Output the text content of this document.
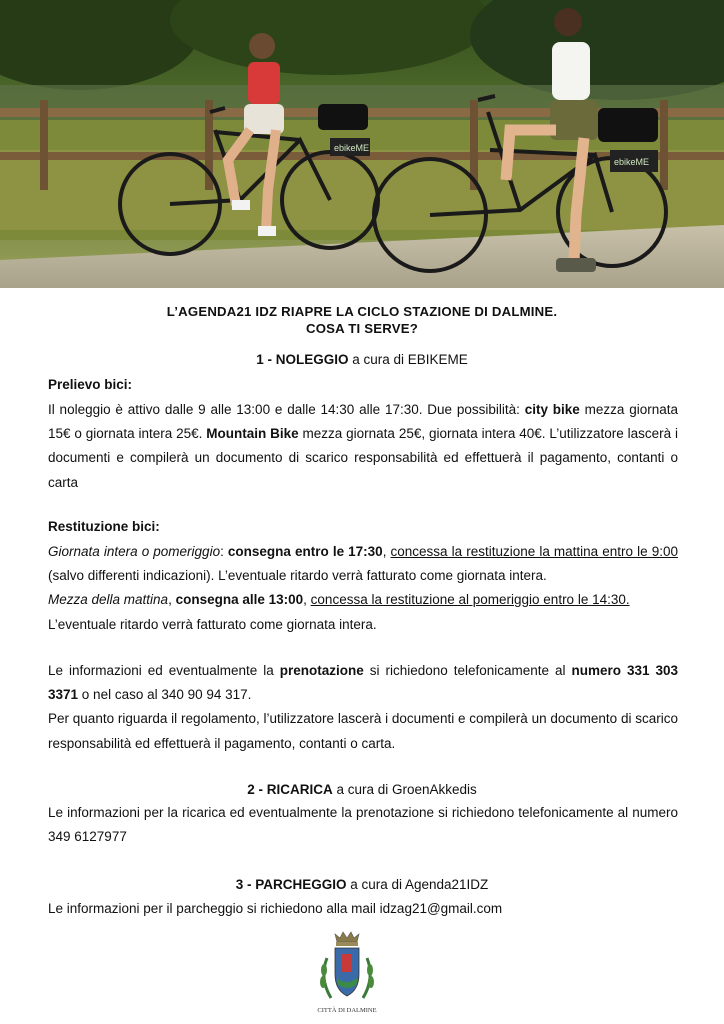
ebikeME
ebikeME
L’AGENDA21 IDZ RIAPRE LA CICLO STAZIONE DI DALMINE.
COSA TI SERVE?
1 - NOLEGGIO a cura di EBIKEME
Prelievo bici:
Il noleggio è attivo dalle 9 alle 13:00 e dalle 14:30 alle 17:30. Due possibilità: city bike mezza giornata 15€ o giornata intera 25€. Mountain Bike mezza giornata 25€, giornata intera 40€. L’utilizzatore lascerà i documenti e compilerà un documento di scarico responsabilità ed effettuerà il pagamento, contanti o carta
Restituzione bici:
Giornata intera o pomeriggio: consegna entro le 17:30, concessa la restituzione la mattina entro le 9:00 (salvo differenti indicazioni). L’eventuale ritardo verrà fatturato come giornata intera.
Mezza della mattina, consegna alle 13:00, concessa la restituzione al pomeriggio entro le 14:30.
L’eventuale ritardo verrà fatturato come giornata intera.
Le informazioni ed eventualmente la prenotazione si richiedono telefonicamente al numero 331 303 3371 o nel caso al 340 90 94 317.
Per quanto riguarda il regolamento, l’utilizzatore lascerà i documenti e compilerà un documento di scarico responsabilità ed effettuerà il pagamento, contanti o carta.
2 - RICARICA a cura di GroenAkkedis
Le informazioni per la ricarica ed eventualmente la prenotazione si richiedono telefonicamente al numero 349 6127977
3 - PARCHEGGIO a cura di Agenda21IDZ
Le informazioni per il parcheggio si richiedono alla mail idzag21@gmail.com
CITTÀ DI DALMINE
